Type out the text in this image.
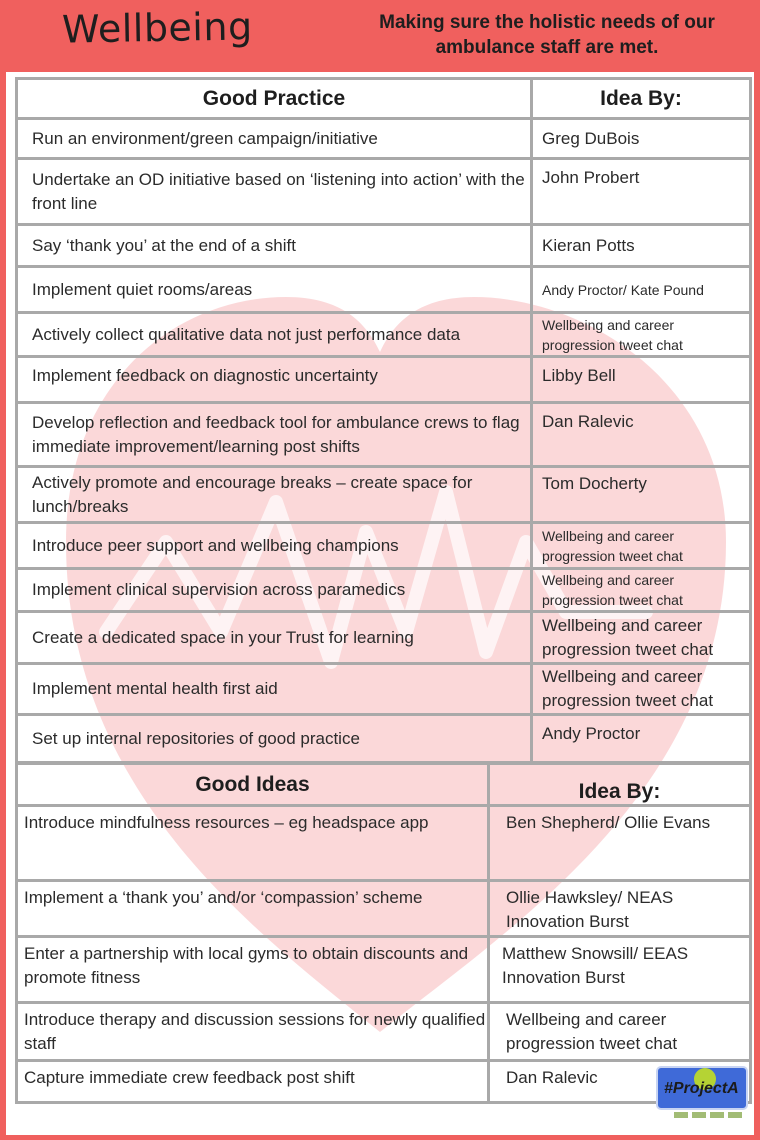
Wellbeing	Making sure the holistic needs of our ambulance staff are met.
Good Practice	Idea By:
Run an environment/green campaign/initiative	Greg DuBois
Undertake an OD initiative based on ‘listening into action’ with the front line	John Probert
Say ‘thank you’ at the end of a shift	Kieran Potts
Implement quiet rooms/areas	Andy Proctor/ Kate Pound
Actively collect qualitative data not just performance data	Wellbeing and career progression tweet chat
Implement feedback on diagnostic uncertainty	Libby Bell
Develop reflection and feedback tool for ambulance crews to flag immediate improvement/learning post shifts	Dan Ralevic
Actively promote and encourage breaks – create space for lunch/breaks	Tom Docherty
Introduce peer support and wellbeing champions	Wellbeing and career progression tweet chat
Implement clinical supervision across paramedics	Wellbeing and career progression tweet chat
Create a dedicated space in your Trust for learning	Wellbeing and career progression tweet chat
Implement mental health first aid	Wellbeing and career progression tweet chat
Set up internal repositories of good practice	Andy Proctor
Good Ideas	Idea By:
Introduce mindfulness resources – eg headspace app	Ben Shepherd/ Ollie Evans
Implement a ‘thank you’ and/or ‘compassion’ scheme	Ollie Hawksley/ NEAS Innovation Burst
Enter a partnership with local gyms to obtain discounts and promote fitness	Matthew Snowsill/ EEAS Innovation Burst
Introduce therapy and discussion sessions for newly qualified staff	Wellbeing and career progression tweet chat
Capture immediate crew feedback post shift	Dan Ralevic
#ProjectA
